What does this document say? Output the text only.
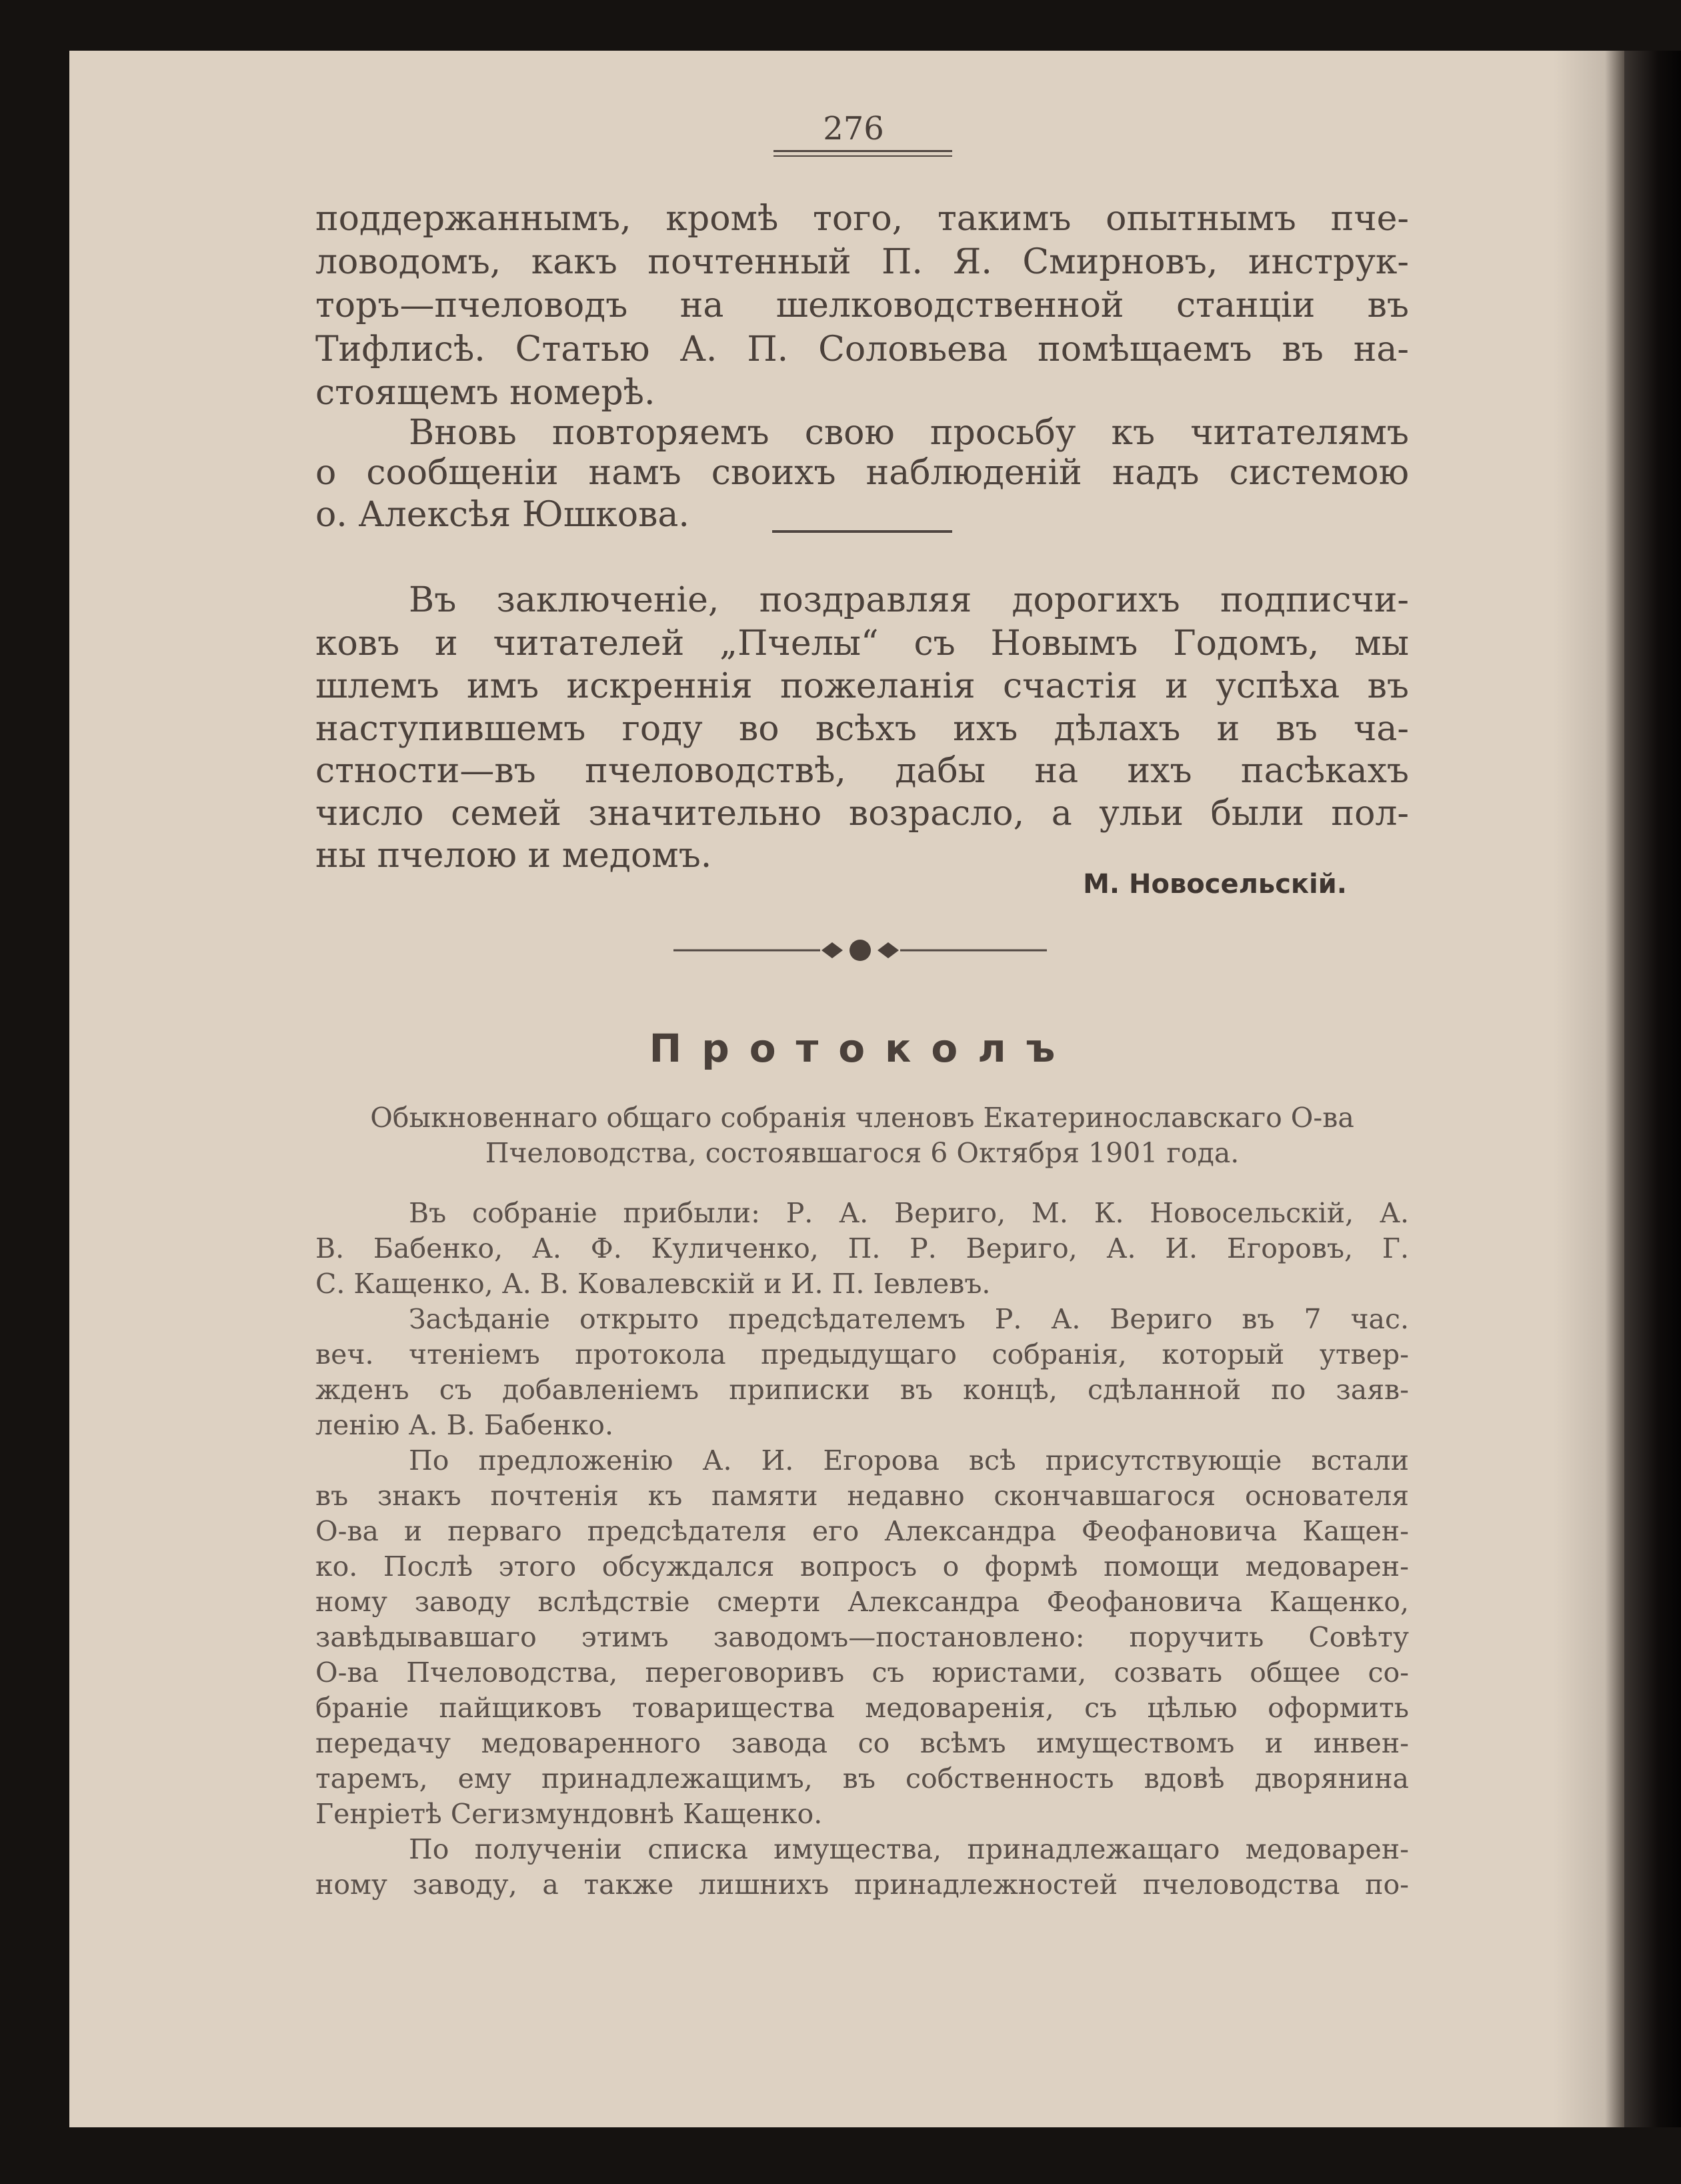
276
поддержаннымъ, кромѣ того, такимъ опытнымъ пче-
ловодомъ, какъ почтенный П. Я. Смирновъ, инструк-
торъ—пчеловодъ на шелководственной станціи въ
Тифлисѣ. Статью А. П. Соловьева помѣщаемъ въ на-
стоящемъ номерѣ.
Вновь повторяемъ свою просьбу къ читателямъ
о сообщеніи намъ своихъ наблюденій надъ системою
о. Алексѣя Юшкова.
Въ заключеніе, поздравляя дорогихъ подписчи-
ковъ и читателей „Пчелы“ съ Новымъ Годомъ, мы
шлемъ имъ искреннія пожеланія счастія и успѣха въ
наступившемъ году во всѣхъ ихъ дѣлахъ и въ ча-
стности—въ пчеловодствѣ, дабы на ихъ пасѣкахъ
число семей значительно возрасло, а ульи были пол-
ны пчелою и медомъ.
М. Новосельскій.
Протоколъ
Обыкновеннаго общаго собранія членовъ Екатеринославскаго О-ва
Пчеловодства, состоявшагося 6 Октября 1901 года.
Въ собраніе прибыли: Р. А. Вериго, М. К. Новосельскій, А.
В. Бабенко, А. Ф. Куличенко, П. Р. Вериго, А. И. Егоровъ, Г.
С. Кащенко, А. В. Ковалевскій и И. П. Іевлевъ.
Засѣданіе открыто предсѣдателемъ Р. А. Вериго въ 7 час.
веч. чтеніемъ протокола предыдущаго собранія, который утвер-
жденъ съ добавленіемъ приписки въ концѣ, сдѣланной по заяв-
ленію А. В. Бабенко.
По предложенію А. И. Егорова всѣ присутствующіе встали
въ знакъ почтенія къ памяти недавно скончавшагося основателя
О-ва и перваго предсѣдателя его Александра Феофановича Кащен-
ко. Послѣ этого обсуждался вопросъ о формѣ помощи медоварен-
ному заводу вслѣдствіе смерти Александра Феофановича Кащенко,
завѣдывавшаго этимъ заводомъ—постановлено: поручить Совѣту
О-ва Пчеловодства, переговоривъ съ юристами, созвать общее со-
браніе пайщиковъ товарищества медоваренія, съ цѣлью оформить
передачу медоваренного завода со всѣмъ имуществомъ и инвен-
таремъ, ему принадлежащимъ, въ собственность вдовѣ дворянина
Генріетѣ Сегизмундовнѣ Кащенко.
По полученіи списка имущества, принадлежащаго медоварен-
ному заводу, а также лишнихъ принадлежностей пчеловодства по-
